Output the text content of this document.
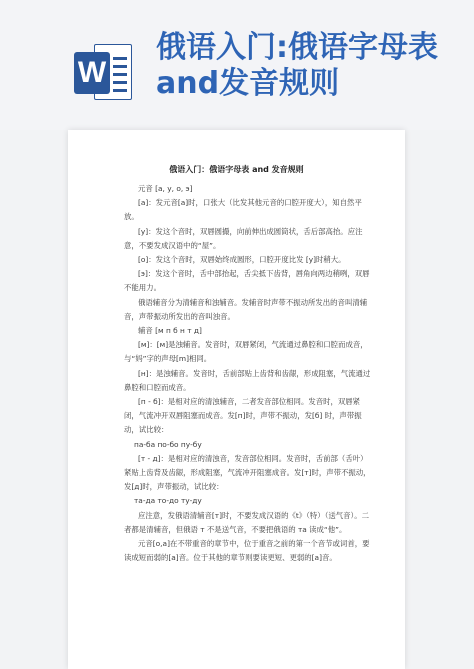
W
俄语入门:俄语字母表and发音规则
俄语入门：俄语字母表 and 发音规则

元音 [a, y, o, э]

[a]：发元音[a]时，口张大（比发其他元音的口腔开度大），知自然平放。

[y]：发这个音时，双唇圆撮，向前伸出成圆筒状，舌后部高抬。应注意，不要发成汉语中的“屋”。

[o]：发这个音时，双唇始终成圆形，口腔开度比发 [y]时稍大。

[э]：发这个音时，舌中部抬起，舌尖抵下齿背，唇角向两边稍咧，双唇不能用力。

俄语辅音分为清辅音和浊辅音。发辅音时声带不振动所发出的音叫清辅音，声带振动所发出的音叫浊音。

辅音 [м п б н т д]

[м]：[м]是浊辅音。发音时，双唇紧闭，气流通过鼻腔和口腔而成音，与“妈”字的声母[m]相同。

[н]：是浊辅音。发音时，舌前部贴上齿背和齿龈，形成阻塞，气流通过鼻腔和口腔而成音。

[п - б]：是相对应的清浊辅音，二者发音部位相同。发音时，双唇紧闭，气流冲开双唇阻塞而成音。发[п]时，声带不振动，发[б] 时，声带振动，试比较：

па-ба по-бо пу-бу

[т - д]：是相对应的清浊音，发音部位相同。发音时，舌前部（舌叶）紧贴上齿背及齿龈，形成阻塞，气流冲开阻塞成音。发[т]时，声带不振动，发[д]时，声带振动，试比较：

та-да то-до ту-ду

应注意，发俄语清辅音[т]时，不要发成汉语的《t》（特）（送气音）。二者都是清辅音，但俄语 т 不是送气音，不要把俄语的 та 读成“他”。

元音[o,a]在不带重音的章节中，位于重音之前的第一个音节或词首，要读成短而弱的[a]音。位于其他的章节则要读更短、更弱的[a]音。
